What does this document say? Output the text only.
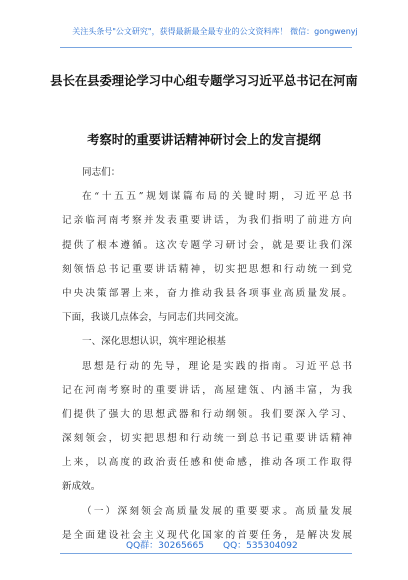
关注头条号"公文研究"，获得最新最全最专业的公文资料库！ 微信：gongwenyj
县长在县委理论学习中心组专题学习习近平总书记在河南
考察时的重要讲话精神研讨会上的发言提纲
同志们：
在“十五五”规划谋篇布局的关键时期，习近平总书
记亲临河南考察并发表重要讲话，为我们指明了前进方向
提供了根本遵循。这次专题学习研讨会，就是要让我们深
刻领悟总书记重要讲话精神，切实把思想和行动统一到党
中央决策部署上来，奋力推动我县各项事业高质量发展。
下面，我谈几点体会，与同志们共同交流。
一、深化思想认识，筑牢理论根基
思想是行动的先导，理论是实践的指南。习近平总书
记在河南考察时的重要讲话，高屋建瓴、内涵丰富，为我
们提供了强大的思想武器和行动纲领。我们要深入学习、
深刻领会，切实把思想和行动统一到总书记重要讲话精神
上来，以高度的政治责任感和使命感，推动各项工作取得
新成效。
（一）深刻领会高质量发展的重要要求。高质量发展
是全面建设社会主义现代化国家的首要任务，是解决发展
QQ群：30265665 QQ：535304092
